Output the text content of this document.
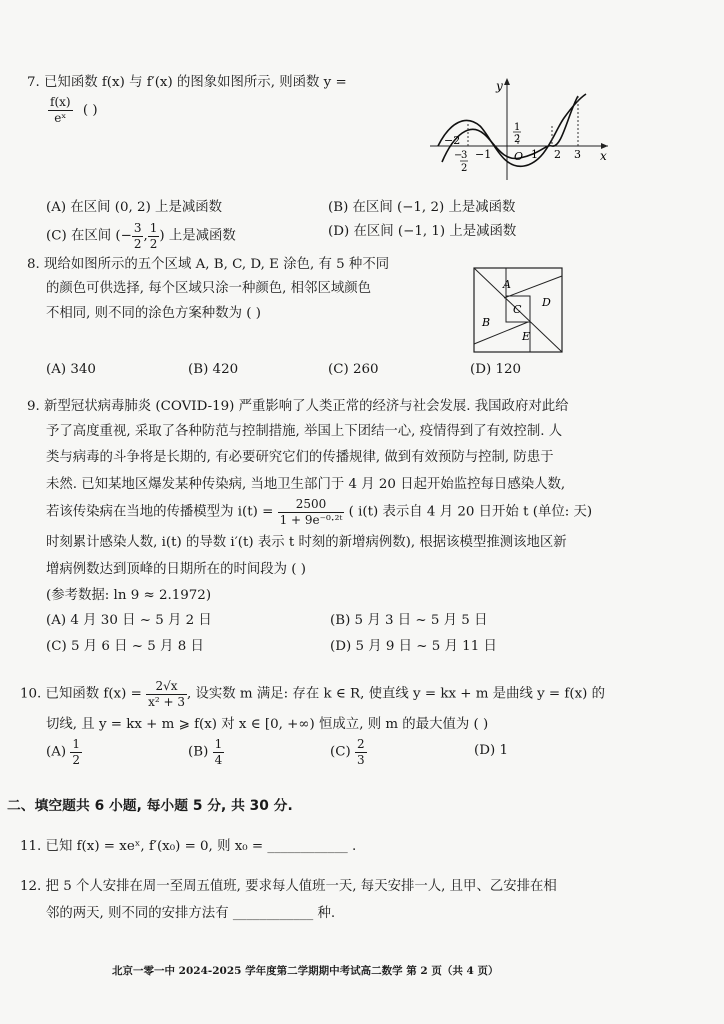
7. 已知函数 f(x) 与 f′(x) 的图象如图所示, 则函数 y =
$\frac{f(x)}{\text{eˣ}}$ ( )
y
x
O
−2
−
3
2
−1	1 2 3
1
2
(A) 在区间 (0, 2) 上是减函数	(B) 在区间 (−1, 2) 上是减函数
(C) 在区间 (− $\frac{3}{2}$ , $\frac{1}{2}$ ) 上是减函数	(D) 在区间 (−1, 1) 上是减函数
8. 现给如图所示的五个区域 A, B, C, D, E 涂色, 有 5 种不同
的颜色可供选择, 每个区域只涂一种颜色, 相邻区域颜色
不相同, 则不同的涂色方案种数为 ( )
A
B
C
D
E
(A) 340	(B) 420	(C) 260	(D) 120
9. 新型冠状病毒肺炎 (COVID-19) 严重影响了人类正常的经济与社会发展. 我国政府对此给
予了高度重视, 采取了各种防范与控制措施, 举国上下团结一心, 疫情得到了有效控制. 人
类与病毒的斗争将是长期的, 有必要研究它们的传播规律, 做到有效预防与控制, 防患于
未然. 已知某地区爆发某种传染病, 当地卫生部门于 4 月 20 日起开始监控每日感染人数,
若该传染病在当地的传播模型为 $i(t) = \frac{2500}{\text{1 + 9e⁻⁰·²ᵗ}}$ ( i(t) 表示自 4 月 20 日开始 t (单位: 天)
时刻累计感染人数, i(t) 的导数 i′(t) 表示 t 时刻的新增病例数), 根据该模型推测该地区新
增病例数达到顶峰的日期所在的时间段为 ( )
(参考数据: ln 9 ≈ 2.1972)
(A) 4 月 30 日 ~ 5 月 2 日	(B) 5 月 3 日 ~ 5 月 5 日
(C) 5 月 6 日 ~ 5 月 8 日	(D) 5 月 9 日 ~ 5 月 11 日
10. 已知函数 $f(x) = \frac{2√x}{\text{x² + 3}}$ , 设实数 m 满足: 存在 k ∈ R, 使直线 y = kx + m 是曲线 y = f(x) 的
切线, 且 y = kx + m ⩾ f(x) 对 x ∈ [0, +∞) 恒成立, 则 m 的最大值为 ( )
$(A) \frac{1}{2}$	$(B) \frac{1}{4}$	$(C) \frac{2}{3}$	(D) 1
二、填空题共 6 小题, 每小题 5 分, 共 30 分.
11. 已知 f(x) = xeˣ, f′(x₀) = 0, 则 x₀ = ____________ .
12. 把 5 个人安排在周一至周五值班, 要求每人值班一天, 每天安排一人, 且甲、乙安排在相
邻的两天, 则不同的安排方法有 ____________ 种.
北京一零一中 2024-2025 学年度第二学期期中考试高二数学 第 2 页（共 4 页）
